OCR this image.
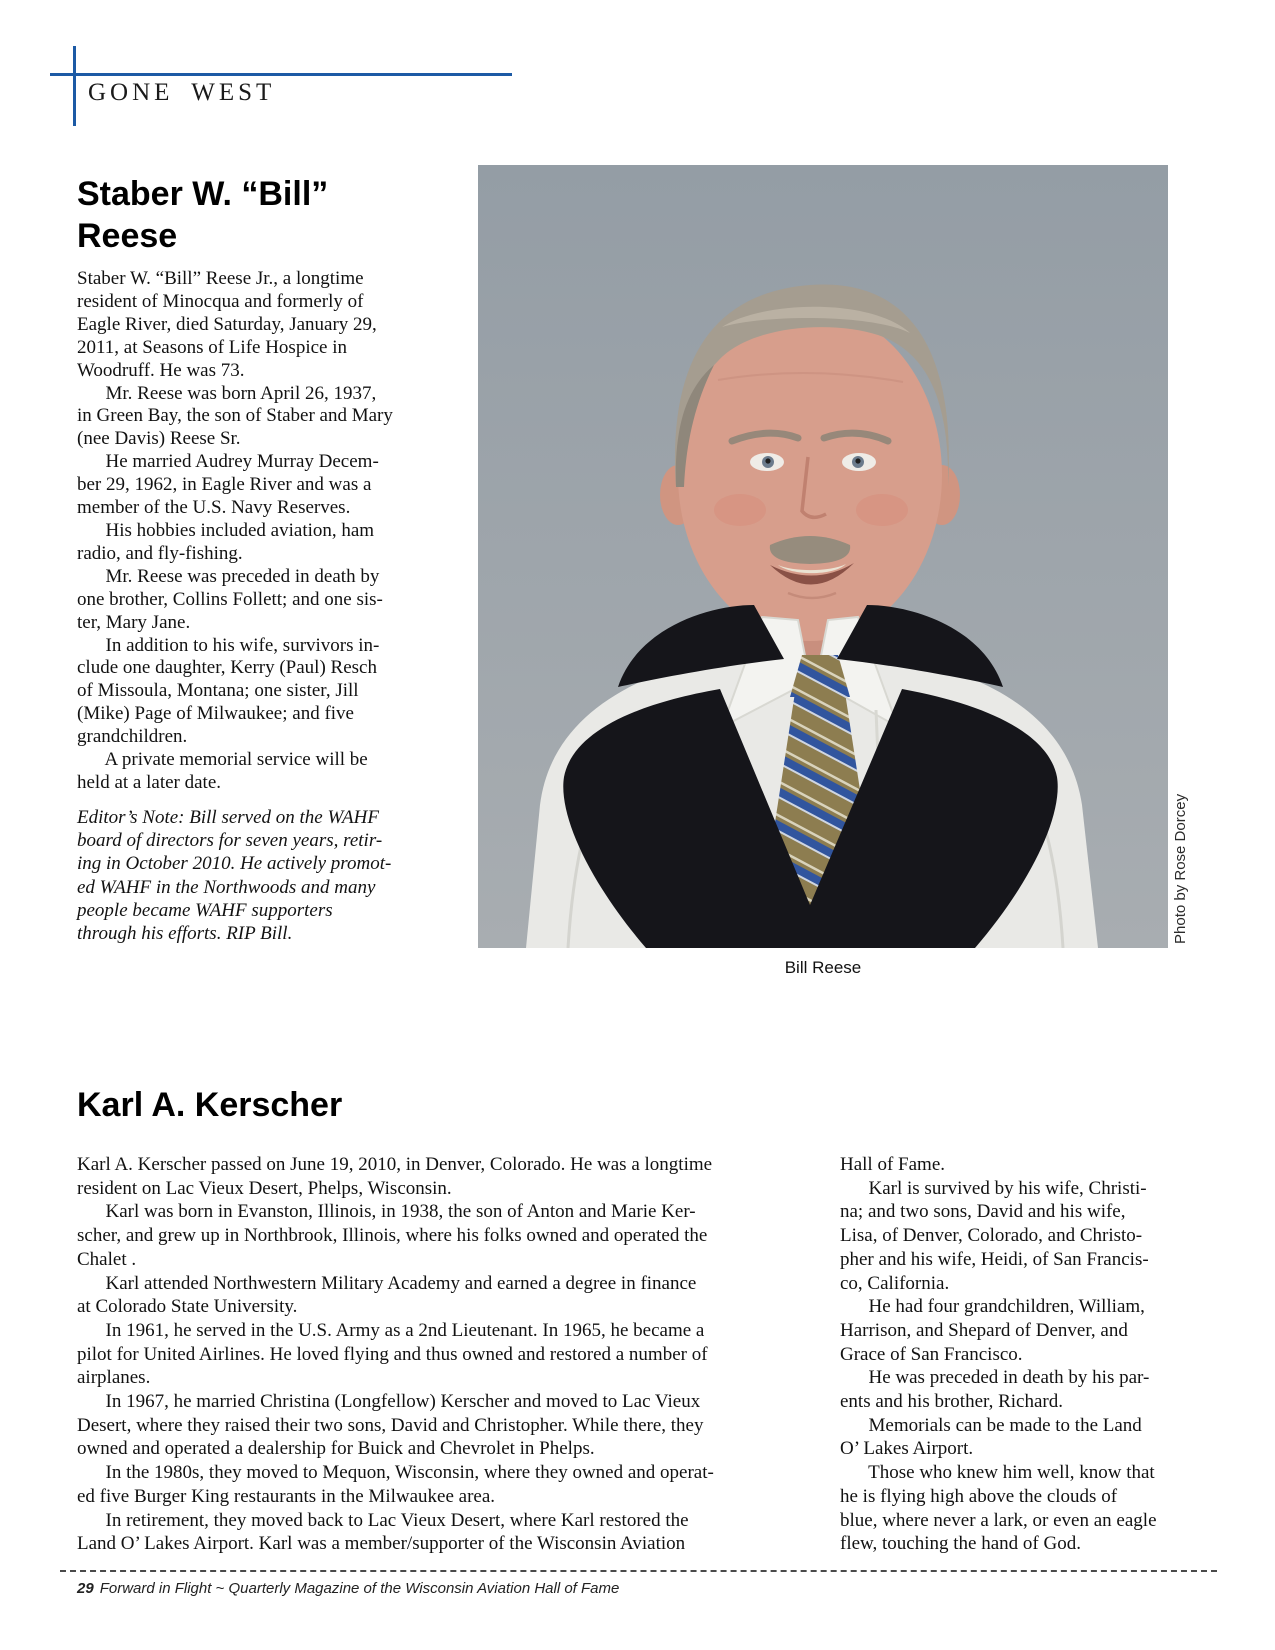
GONE WEST
Staber W. “Bill”
Reese
Staber W. “Bill” Reese Jr., a longtime
resident of Minocqua and formerly of
Eagle River, died Saturday, January 29,
2011, at Seasons of Life Hospice in
Woodruff. He was 73.
Mr. Reese was born April 26, 1937,
in Green Bay, the son of Staber and Mary
(nee Davis) Reese Sr.
He married Audrey Murray Decem-
ber 29, 1962, in Eagle River and was a
member of the U.S. Navy Reserves.
His hobbies included aviation, ham
radio, and fly-fishing.
Mr. Reese was preceded in death by
one brother, Collins Follett; and one sis-
ter, Mary Jane.
In addition to his wife, survivors in-
clude one daughter, Kerry (Paul) Resch
of Missoula, Montana; one sister, Jill
(Mike) Page of Milwaukee; and five
grandchildren.
A private memorial service will be
held at a later date.
Editor’s Note: Bill served on the WAHF
board of directors for seven years, retir-
ing in October 2010. He actively promot-
ed WAHF in the Northwoods and many
people became WAHF supporters
through his efforts. RIP Bill.	Photo by Rose Dorcey
Bill Reese
Karl A. Kerscher
Karl A. Kerscher passed on June 19, 2010, in Denver, Colorado. He was a longtime
resident on Lac Vieux Desert, Phelps, Wisconsin.
Karl was born in Evanston, Illinois, in 1938, the son of Anton and Marie Ker-
scher, and grew up in Northbrook, Illinois, where his folks owned and operated the
Chalet .
Karl attended Northwestern Military Academy and earned a degree in finance
at Colorado State University.
In 1961, he served in the U.S. Army as a 2nd Lieutenant. In 1965, he became a
pilot for United Airlines. He loved flying and thus owned and restored a number of
airplanes.
In 1967, he married Christina (Longfellow) Kerscher and moved to Lac Vieux
Desert, where they raised their two sons, David and Christopher. While there, they
owned and operated a dealership for Buick and Chevrolet in Phelps.
In the 1980s, they moved to Mequon, Wisconsin, where they owned and operat-
ed five Burger King restaurants in the Milwaukee area.
In retirement, they moved back to Lac Vieux Desert, where Karl restored the
Land O’ Lakes Airport. Karl was a member/supporter of the Wisconsin Aviation
Hall of Fame.
Karl is survived by his wife, Christi-
na; and two sons, David and his wife,
Lisa, of Denver, Colorado, and Christo-
pher and his wife, Heidi, of San Francis-
co, California.
He had four grandchildren, William,
Harrison, and Shepard of Denver, and
Grace of San Francisco.
He was preceded in death by his par-
ents and his brother, Richard.
Memorials can be made to the Land
O’ Lakes Airport.
Those who knew him well, know that
he is flying high above the clouds of
blue, where never a lark, or even an eagle
flew, touching the hand of God.
29 Forward in Flight ~ Quarterly Magazine of the Wisconsin Aviation Hall of Fame
